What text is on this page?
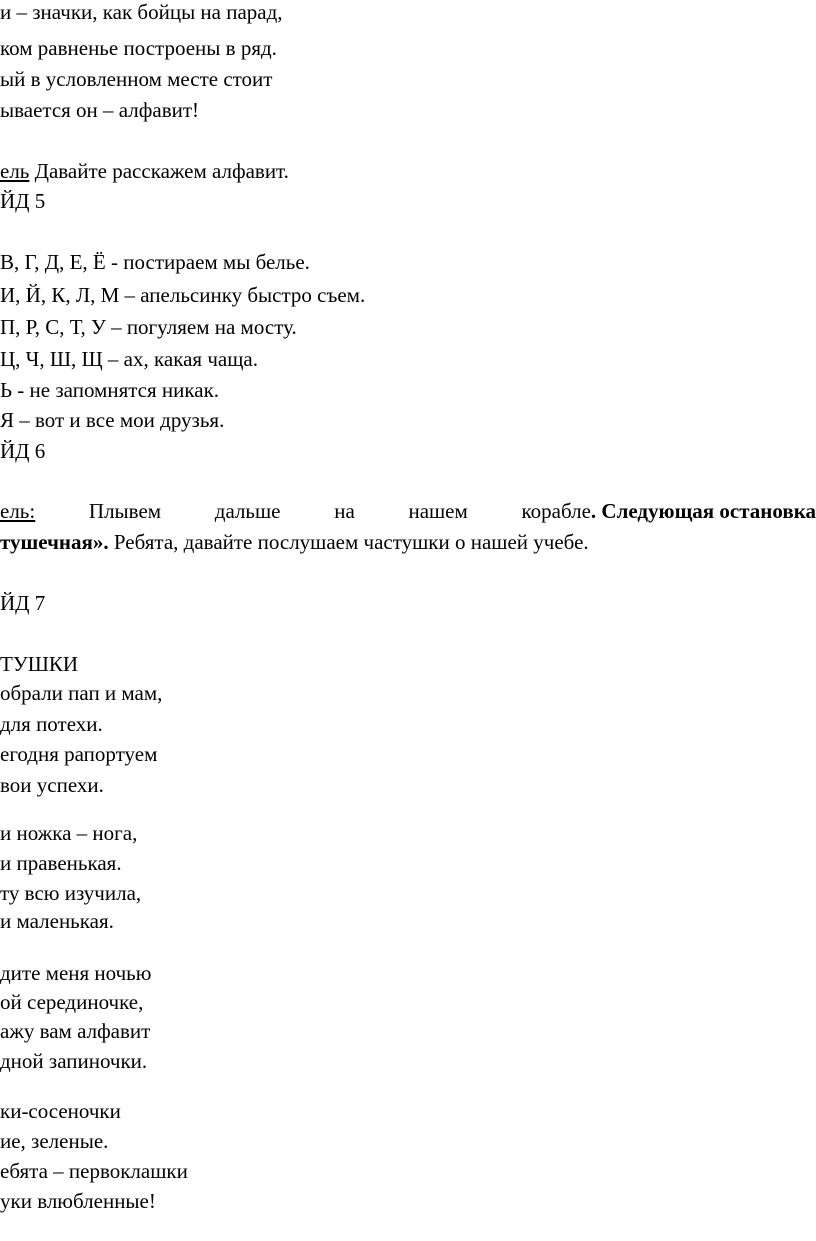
и – значки, как бойцы на парад,
ком равненье построены в ряд.
ый в условленном месте стоит
ывается он – алфавит!
ель Давайте расскажем алфавит.
ЙД 5
В, Г, Д, Е, Ё - постираем мы белье.
И, Й, К, Л, М – апельсинку быстро съем.
П, Р, С, Т, У – погуляем на мосту.
Ц, Ч, Ш, Щ – ах, какая чаща.
Ь - не запомнятся никак.
Я – вот и все мои друзья.
ЙД 6
ель:	Плывем	дальше	на	нашем	корабле. Следующая остановка
тушечная». Ребята, давайте послушаем частушки о нашей учебе.
ЙД 7
ТУШКИ
обрали пап и мам,
для потехи.
егодня рапортуем
вои успехи.
и ножка – нога,
и правенькая.
ту всю изучила,
и маленькая.
дите меня ночью
ой серединочке,
ажу вам алфавит
дной запиночки.
ки-сосеночки
ие, зеленые.
ебята – первоклашки
уки влюбленные!
